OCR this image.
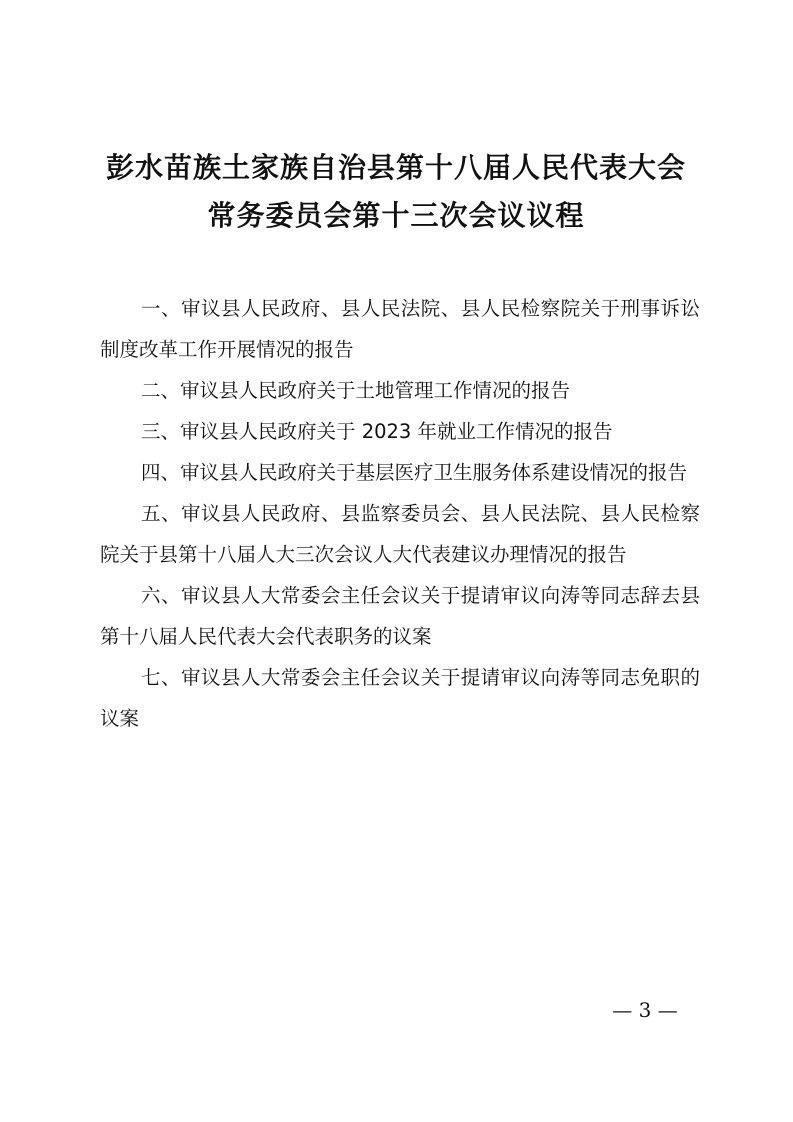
彭水苗族土家族自治县第十八届人民代表大会
常务委员会第十三次会议议程
一、审议县人民政府、县人民法院、县人民检察院关于刑事诉讼制度改革工作开展情况的报告
二、审议县人民政府关于土地管理工作情况的报告
三、审议县人民政府关于 2023 年就业工作情况的报告
四、审议县人民政府关于基层医疗卫生服务体系建设情况的报告
五、审议县人民政府、县监察委员会、县人民法院、县人民检察院关于县第十八届人大三次会议人大代表建议办理情况的报告
六、审议县人大常委会主任会议关于提请审议向涛等同志辞去县第十八届人民代表大会代表职务的议案
七、审议县人大常委会主任会议关于提请审议向涛等同志免职的议案
— 3 —
